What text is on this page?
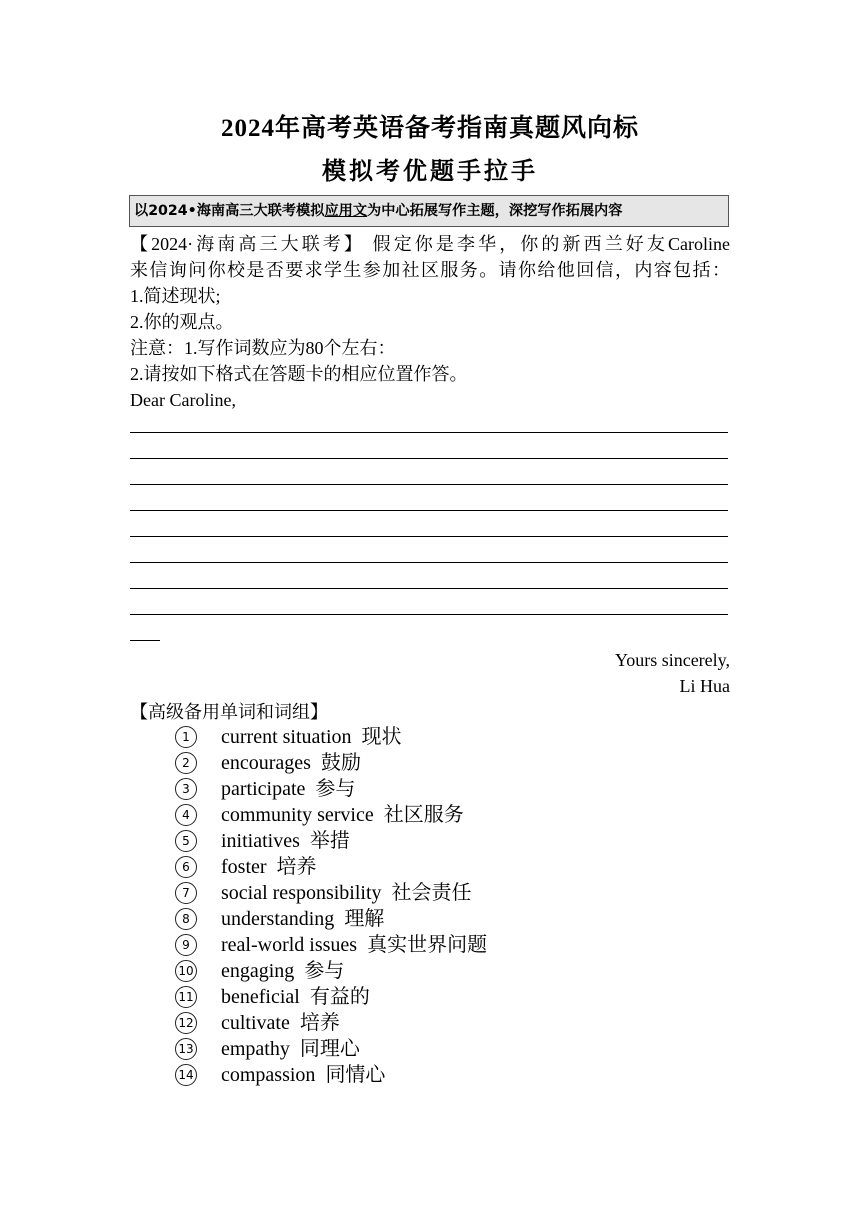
2024年高考英语备考指南真题风向标
模拟考优题手拉手
以2024•海南高三大联考模拟应用文为中心拓展写作主题，深挖写作拓展内容
【2024·海南高三大联考】 假定你是李华，你的新西兰好友Caroline
来信询问你校是否要求学生参加社区服务。请你给他回信，内容包括：
1.简述现状;
2.你的观点。
注意：1.写作词数应为80个左右：
2.请按如下格式在答题卡的相应位置作答。
Dear Caroline,
Yours sincerely,
Li Hua
【高级备用单词和词组】
1	current situation 现状
2	encourages 鼓励
3	participate 参与
4	community service 社区服务
5	initiatives 举措
6	foster 培养
7	social responsibility 社会责任
8	understanding 理解
9	real-world issues 真实世界问题
10 engaging 参与
11 beneficial 有益的
12 cultivate 培养
13 empathy 同理心
14 compassion 同情心
